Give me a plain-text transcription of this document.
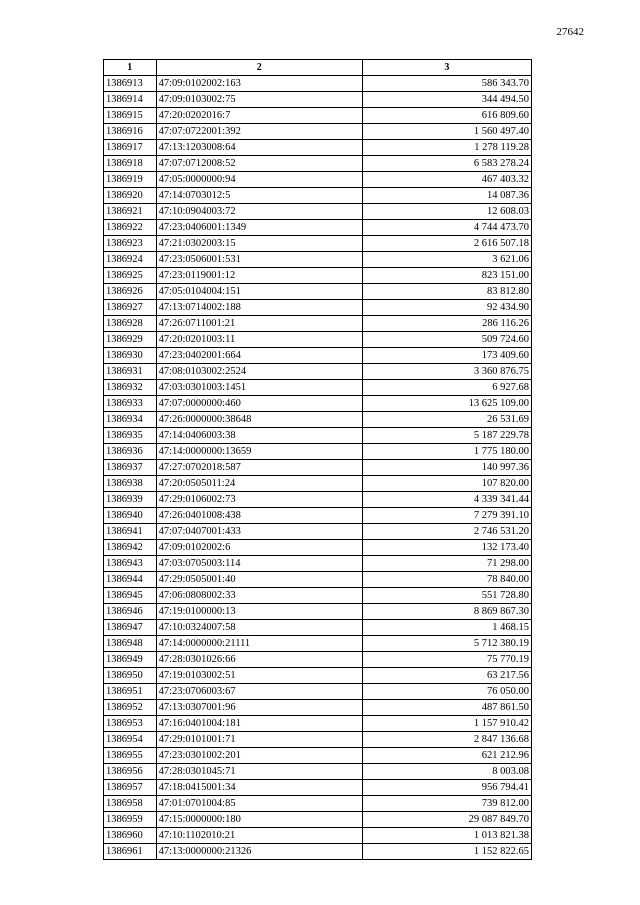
27642
1	2	3
1386913	47:09:0102002:163	586 343.70
1386914	47:09:0103002:75	344 494.50
1386915	47:20:0202016:7	616 809.60
1386916	47:07:0722001:392	1 560 497.40
1386917	47:13:1203008:64	1 278 119.28
1386918	47:07:0712008:52	6 583 278.24
1386919	47:05:0000000:94	467 403.32
1386920	47:14:0703012:5	14 087.36
1386921	47:10:0904003:72	12 608.03
1386922	47:23:0406001:1349	4 744 473.70
1386923	47:21:0302003:15	2 616 507.18
1386924	47:23:0506001:531	3 621.06
1386925	47:23:0119001:12	823 151.00
1386926	47:05:0104004:151	83 812.80
1386927	47:13:0714002:188	92 434.90
1386928	47:26:0711001:21	286 116.26
1386929	47:20:0201003:11	509 724.60
1386930	47:23:0402001:664	173 409.60
1386931	47:08:0103002:2524	3 360 876.75
1386932	47:03:0301003:1451	6 927.68
1386933	47:07:0000000:460	13 625 109.00
1386934	47:26:0000000:38648	26 531.69
1386935	47:14:0406003:38	5 187 229.78
1386936	47:14:0000000:13659	1 775 180.00
1386937	47:27:0702018:587	140 997.36
1386938	47:20:0505011:24	107 820.00
1386939	47:29:0106002:73	4 339 341.44
1386940	47:26:0401008:438	7 279 391.10
1386941	47:07:0407001:433	2 746 531.20
1386942	47:09:0102002:6	132 173.40
1386943	47:03:0705003:114	71 298.00
1386944	47:29:0505001:40	78 840.00
1386945	47:06:0808002:33	551 728.80
1386946	47:19:0100000:13	8 869 867.30
1386947	47:10:0324007:58	1 468.15
1386948	47:14:0000000:21111	5 712 380.19
1386949	47:28:0301026:66	75 770.19
1386950	47:19:0103002:51	63 217.56
1386951	47:23:0706003:67	76 050.00
1386952	47:13:0307001:96	487 861.50
1386953	47:16:0401004:181	1 157 910.42
1386954	47:29:0101001:71	2 847 136.68
1386955	47:23:0301002:201	621 212.96
1386956	47:28:0301045:71	8 003.08
1386957	47:18:0415001:34	956 794.41
1386958	47:01:0701004:85	739 812.00
1386959	47:15:0000000:180	29 087 849.70
1386960	47:10:1102010:21	1 013 821.38
1386961	47:13:0000000:21326	1 152 822.65
